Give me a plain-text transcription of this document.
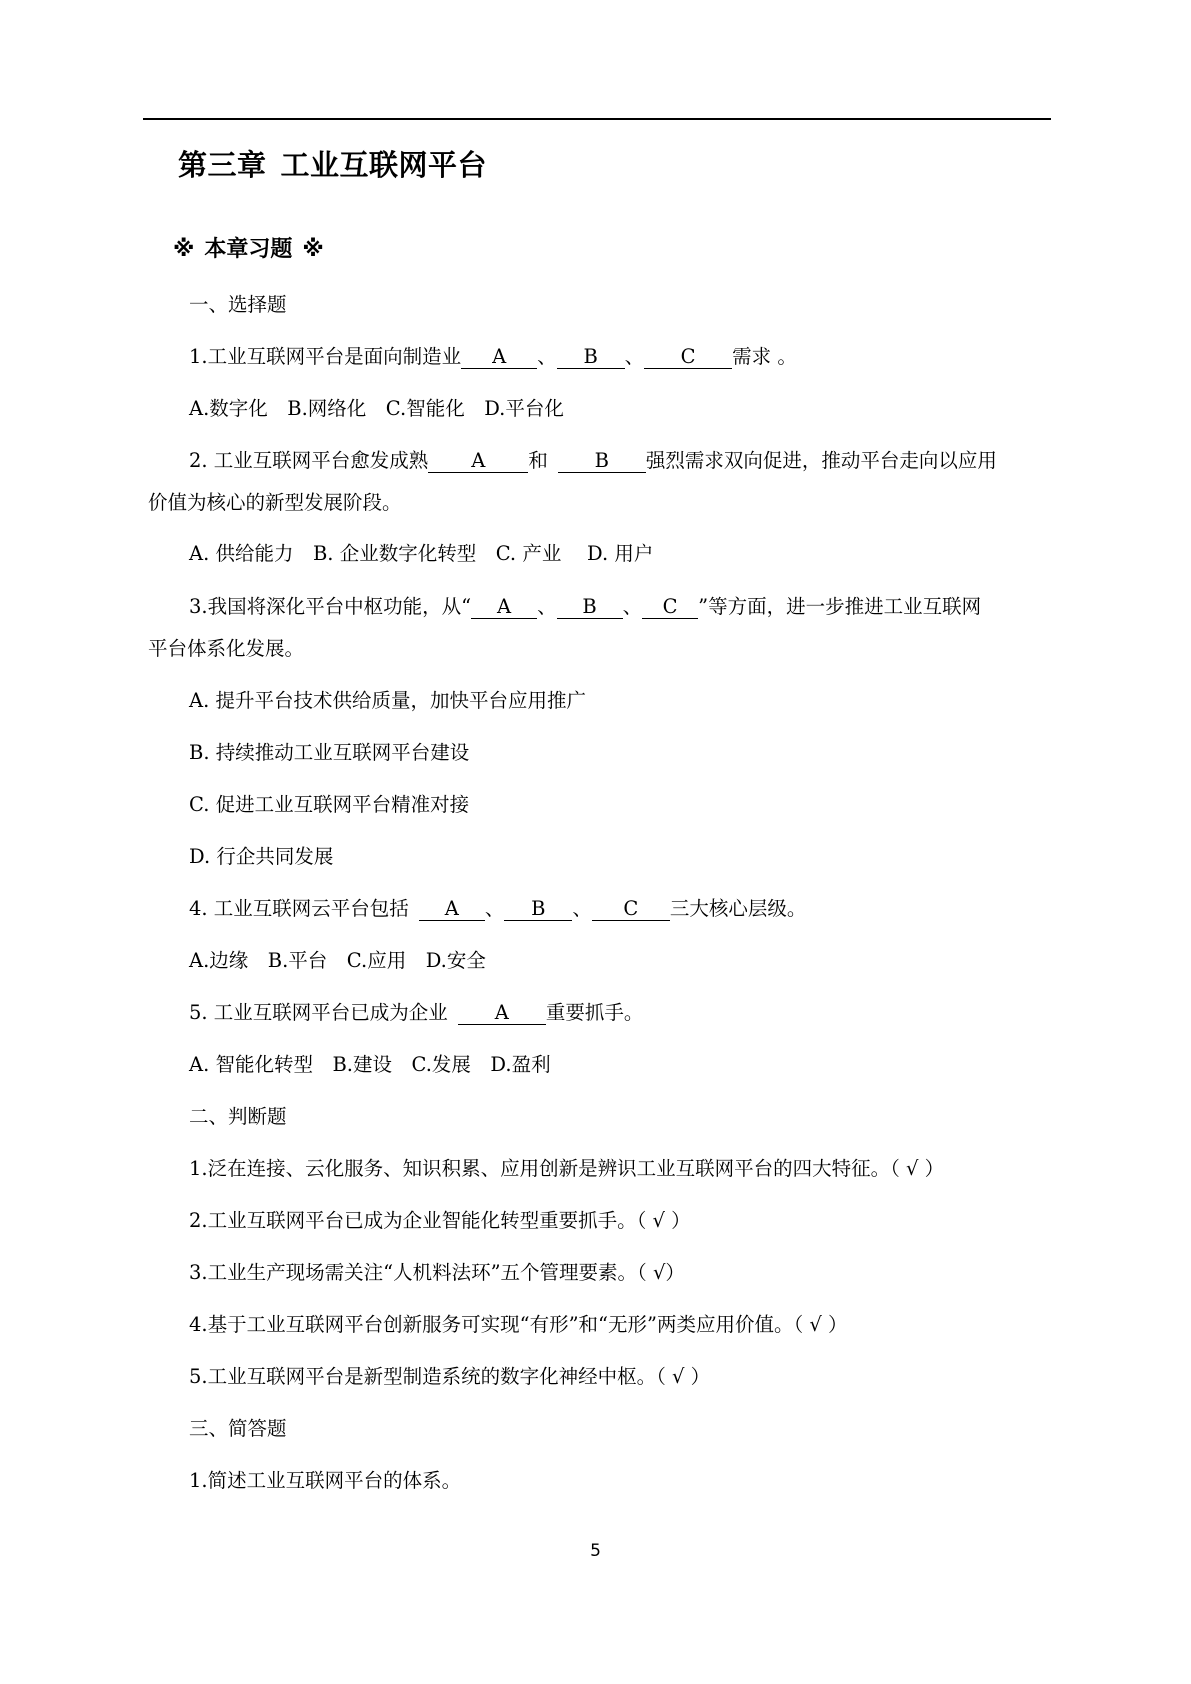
第三章 工业互联网平台
※ 本章习题 ※
一、选择题
1.工业互联网平台是面向制造业 A 、 B 、 C 需求 。
A.数字化　B.网络化　C.智能化　D.平台化
2. 工业互联网平台愈发成熟 A 和 B 强烈需求双向促进，推动平台走向以应用
价值为核心的新型发展阶段。
A. 供给能力　B. 企业数字化转型　C. 产业　 D. 用户
3.我国将深化平台中枢功能，从“ A 、 B 、 C ”等方面，进一步推进工业互联网
平台体系化发展。
A. 提升平台技术供给质量，加快平台应用推广
B. 持续推动工业互联网平台建设
C. 促进工业互联网平台精准对接
D. 行企共同发展
4. 工业互联网云平台包括 A 、 B 、 C 三大核心层级。
A.边缘　B.平台　C.应用　D.安全
5. 工业互联网平台已成为企业 A 重要抓手。
A. 智能化转型　B.建设　C.发展　D.盈利
二、判断题
1.泛在连接、云化服务、知识积累、应用创新是辨识工业互联网平台的四大特征。（ √ ）
2.工业互联网平台已成为企业智能化转型重要抓手。（ √ ）
3.工业生产现场需关注“人机料法环”五个管理要素。（ √）
4.基于工业互联网平台创新服务可实现“有形”和“无形”两类应用价值。（ √ ）
5.工业互联网平台是新型制造系统的数字化神经中枢。（ √ ）
三、简答题
1.简述工业互联网平台的体系。
5
